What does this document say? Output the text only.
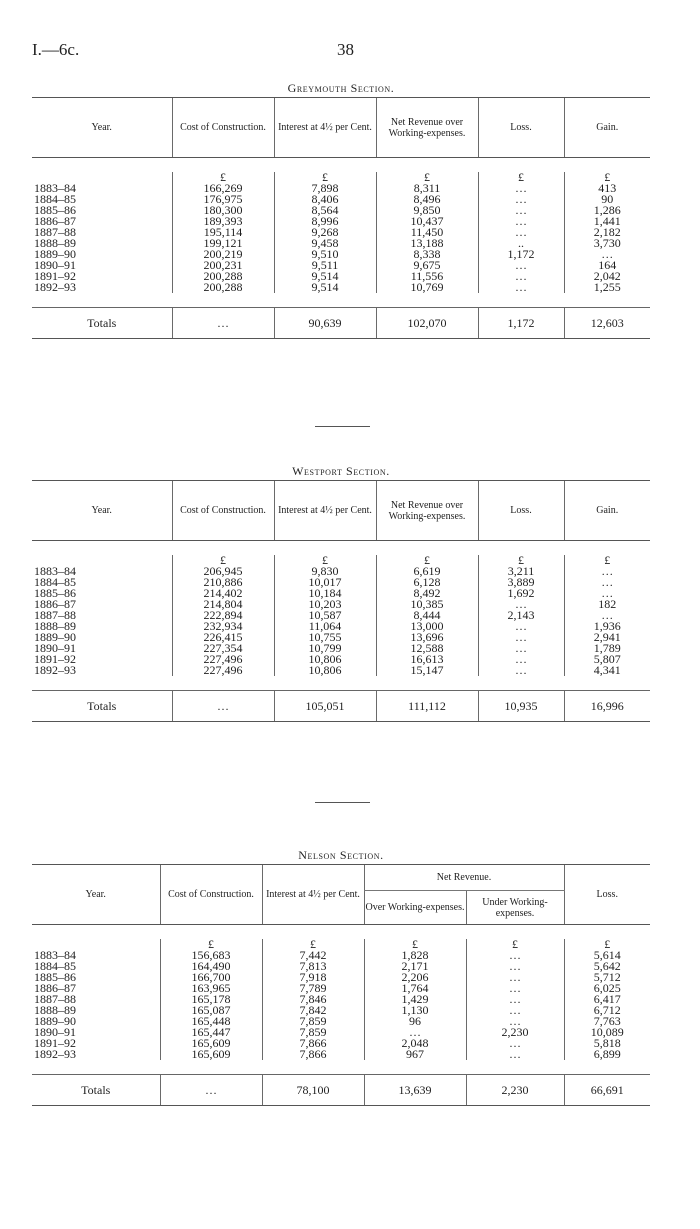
I.—6c.	38
Greymouth Section.
Year.	Cost of Construction.	Interest at 4½ per Cent.	Net Revenue over Working-expenses.	Loss.	Gain.

	£	£	£	£	£
1883–84	166,269	7,898	8,311	…	413
1884–85	176,975	8,406	8,496	…	90
1885–86	180,300	8,564	9,850	…	1,286
1886–87	189,393	8,996	10,437	…	1,441
1887–88	195,114	9,268	11,450	…	2,182
1888–89	199,121	9,458	13,188	..	3,730
1889–90	200,219	9,510	8,338	1,172	…
1890–91	200,231	9,511	9,675	…	164
1891–92	200,288	9,514	11,556	…	2,042
1892–93	200,288	9,514	10,769	…	1,255

Totals	…	90,639	102,070	1,172	12,603
Westport Section.
Year.	Cost of Construction.	Interest at 4½ per Cent.	Net Revenue over Working-expenses.	Loss.	Gain.

	£	£	£	£	£
1883–84	206,945	9,830	6,619	3,211	…
1884–85	210,886	10,017	6,128	3,889	…
1885–86	214,402	10,184	8,492	1,692	…
1886–87	214,804	10,203	10,385	…	182
1887–88	222,894	10,587	8,444	2,143	…
1888–89	232,934	11,064	13,000	…	1,936
1889–90	226,415	10,755	13,696	…	2,941
1890–91	227,354	10,799	12,588	…	1,789
1891–92	227,496	10,806	16,613	…	5,807
1892–93	227,496	10,806	15,147	…	4,341

Totals	…	105,051	111,112	10,935	16,996
Nelson Section.
Year.	Cost of Construction.	Interest at 4½ per Cent.	Net Revenue.		Loss.
			Over Working-expenses.	Under Working-expenses.	

	£	£	£	£	£
1883–84	156,683	7,442	1,828	…	5,614
1884–85	164,490	7,813	2,171	…	5,642
1885–86	166,700	7,918	2,206	…	5,712
1886–87	163,965	7,789	1,764	…	6,025
1887–88	165,178	7,846	1,429	…	6,417
1888–89	165,087	7,842	1,130	…	6,712
1889–90	165,448	7,859	96	…	7,763
1890–91	165,447	7,859	…	2,230	10,089
1891–92	165,609	7,866	2,048	…	5,818
1892–93	165,609	7,866	967	…	6,899

Totals	…	78,100	13,639	2,230	66,691
